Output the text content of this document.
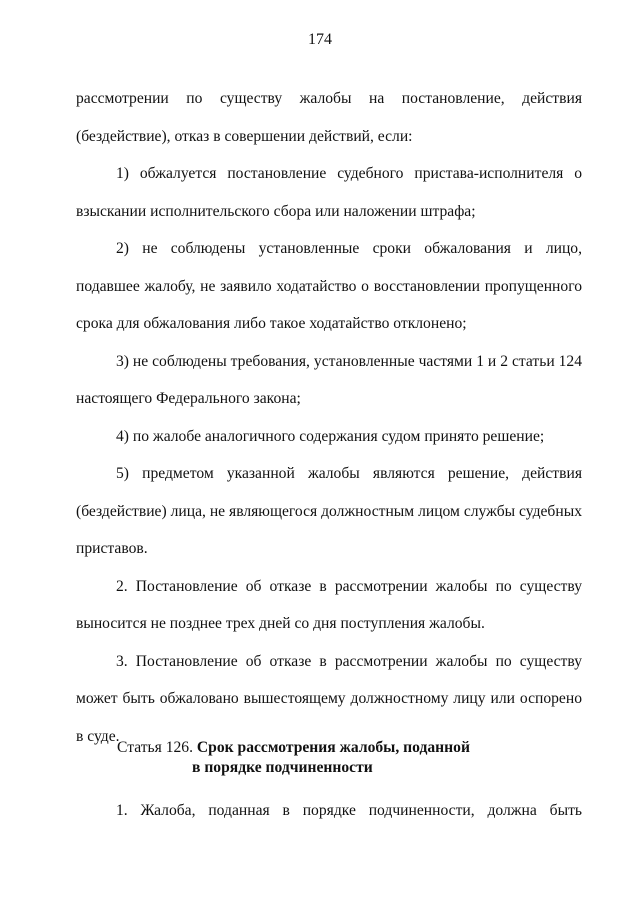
174

рассмотрении по существу жалобы на постановление, действия (бездействие), отказ в совершении действий, если:

1) обжалуется постановление судебного пристава-исполнителя о взыскании исполнительского сбора или наложении штрафа;

2) не соблюдены установленные сроки обжалования и лицо, подавшее жалобу, не заявило ходатайство о восстановлении пропущенного срока для обжалования либо такое ходатайство отклонено;

3) не соблюдены требования, установленные частями 1 и 2 статьи 124 настоящего Федерального закона;

4) по жалобе аналогичного содержания судом принято решение;

5) предметом указанной жалобы являются решение, действия (бездействие) лица, не являющегося должностным лицом службы судебных приставов.

2. Постановление об отказе в рассмотрении жалобы по существу выносится не позднее трех дней со дня поступления жалобы.

3. Постановление об отказе в рассмотрении жалобы по существу может быть обжаловано вышестоящему должностному лицу или оспорено в суде.

Статья 126. Срок рассмотрения жалобы, поданной
в порядке подчиненности

1. Жалоба, поданная в порядке подчиненности, должна быть
